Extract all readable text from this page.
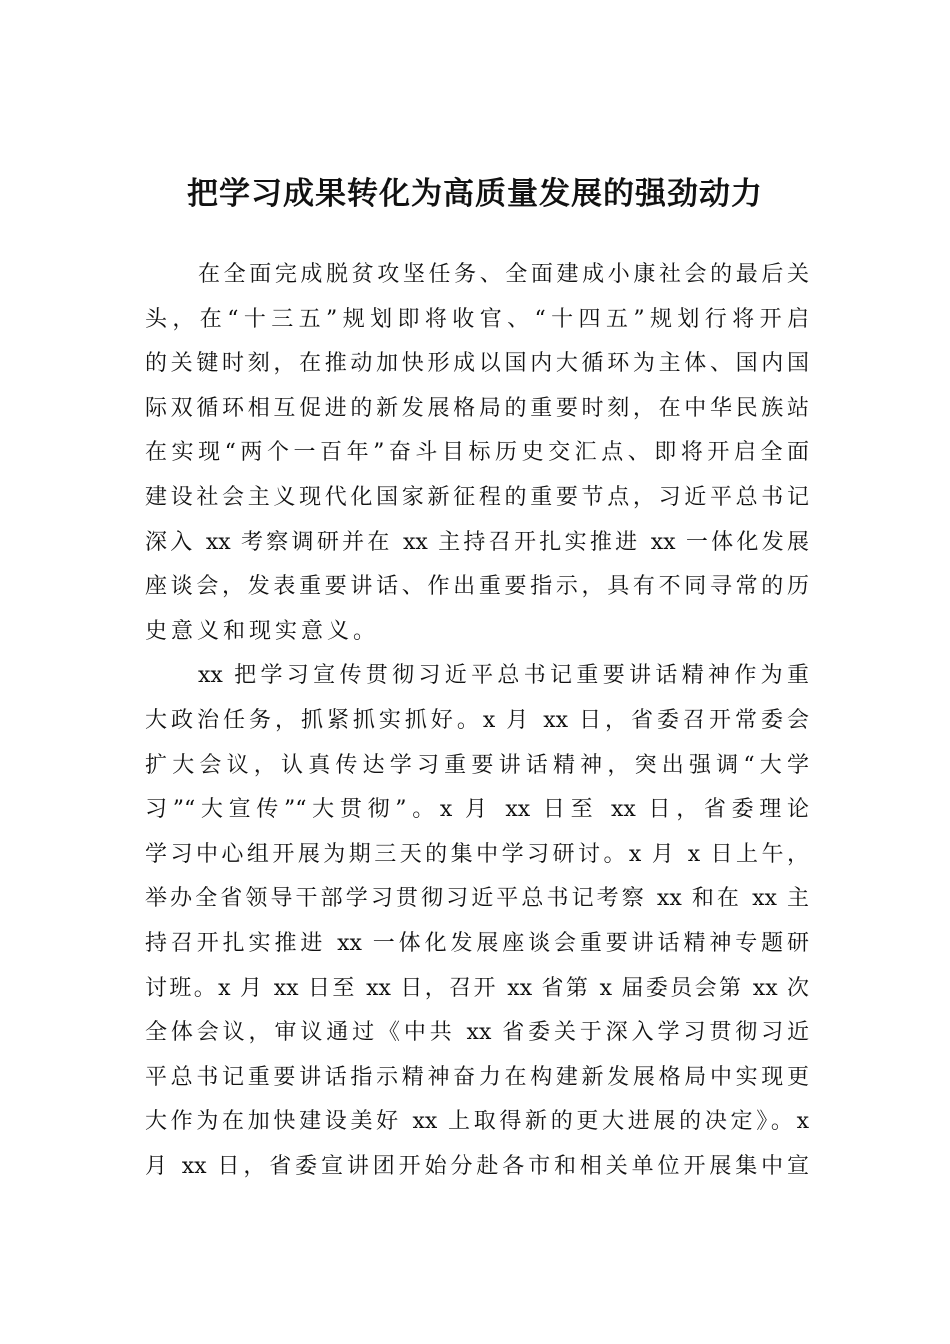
把学习成果转化为高质量发展的强劲动力
在全面完成脱贫攻坚任务、全面建成小康社会的最后关
头，在“十三五”规划即将收官、“十四五”规划行将开启
的关键时刻，在推动加快形成以国内大循环为主体、国内国
际双循环相互促进的新发展格局的重要时刻，在中华民族站
在实现“两个一百年”奋斗目标历史交汇点、即将开启全面
建设社会主义现代化国家新征程的重要节点，习近平总书记
深入 xx 考察调研并在 xx 主持召开扎实推进 xx 一体化发展
座谈会，发表重要讲话、作出重要指示，具有不同寻常的历
史意义和现实意义。
xx 把学习宣传贯彻习近平总书记重要讲话精神作为重
大政治任务，抓紧抓实抓好。x 月 xx 日，省委召开常委会
扩大会议，认真传达学习重要讲话精神，突出强调“大学
习”“大宣传”“大贯彻”。x 月 xx 日至 xx 日，省委理论
学习中心组开展为期三天的集中学习研讨。x 月 x 日上午，
举办全省领导干部学习贯彻习近平总书记考察 xx 和在 xx 主
持召开扎实推进 xx 一体化发展座谈会重要讲话精神专题研
讨班。x 月 xx 日至 xx 日，召开 xx 省第 x 届委员会第 xx 次
全体会议，审议通过《中共 xx 省委关于深入学习贯彻习近
平总书记重要讲话指示精神奋力在构建新发展格局中实现更
大作为在加快建设美好 xx 上取得新的更大进展的决定》。x
月 xx 日，省委宣讲团开始分赴各市和相关单位开展集中宣
